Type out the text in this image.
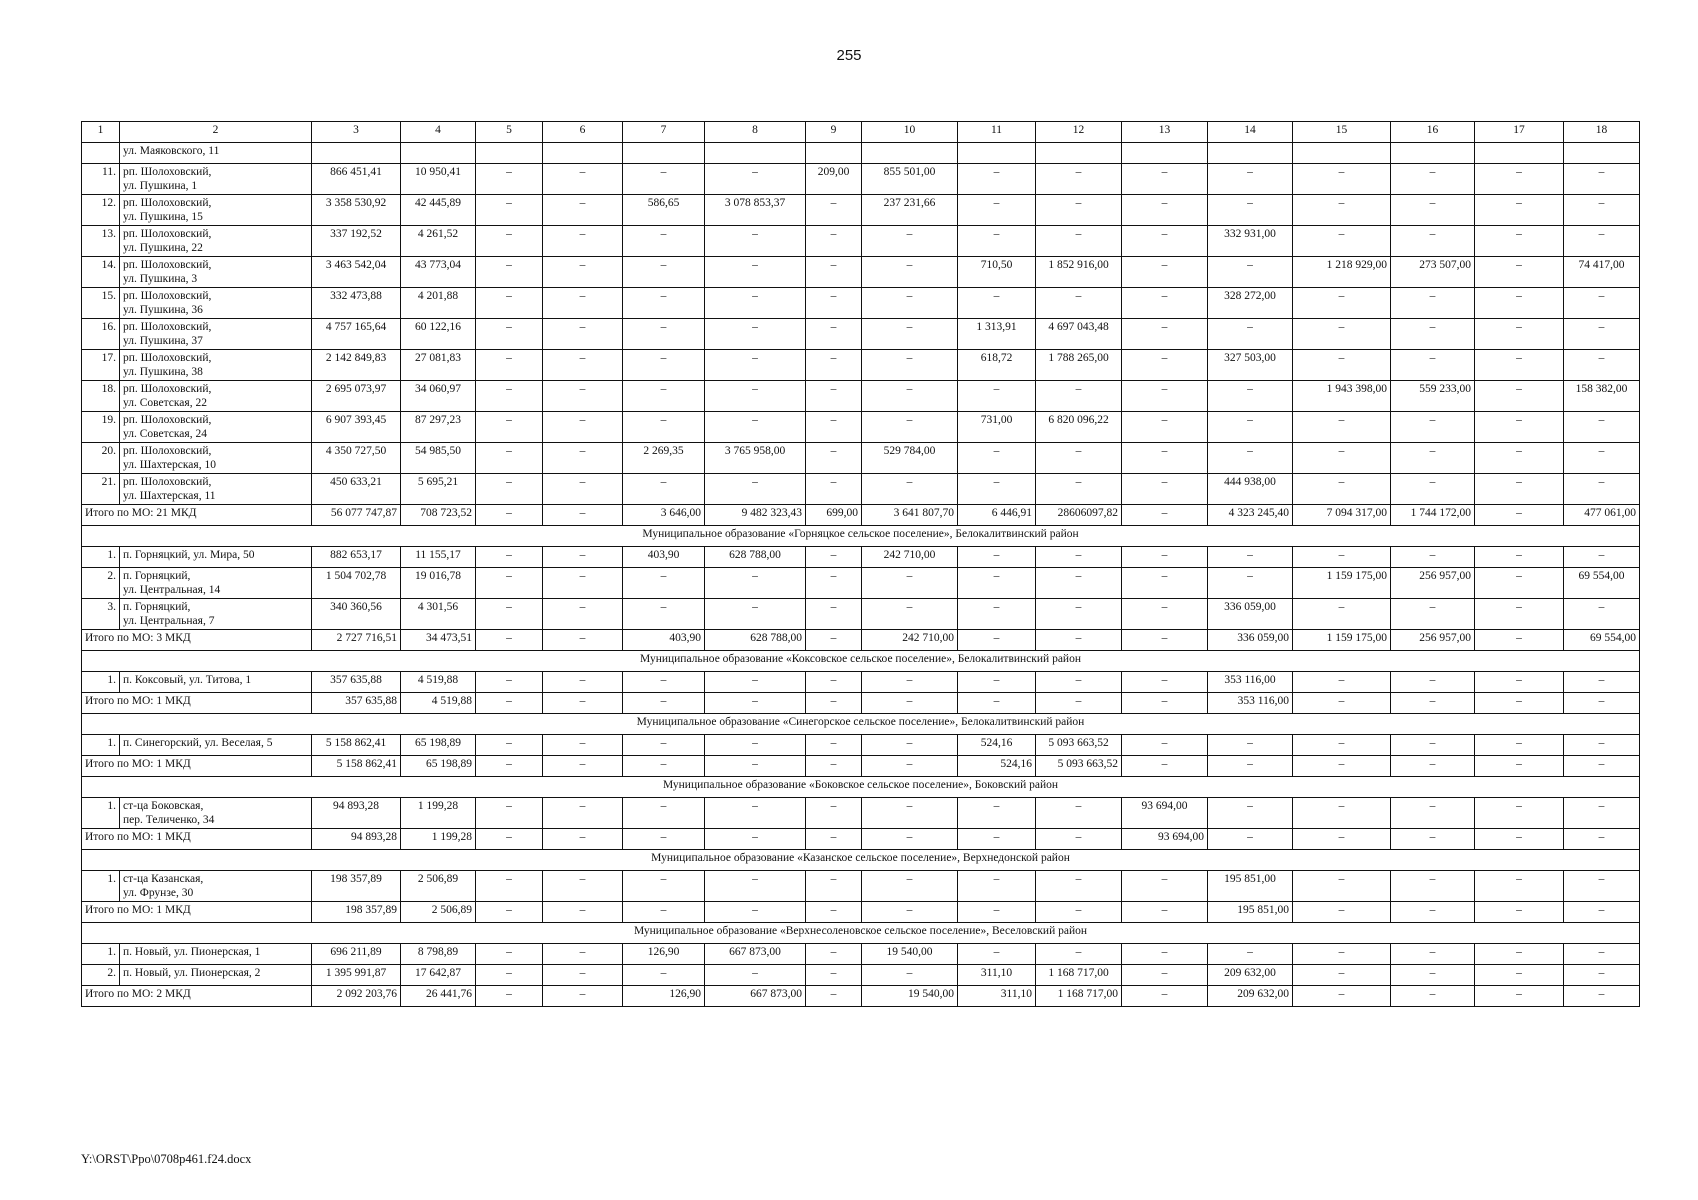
255
1	2	3	4	5	6	7	8	9	10	11	12	13	14	15	16	17	18

	ул. Маяковского, 11																

11.	рп. Шолоховский,
ул. Пушкина, 1	866 451,41	10 950,41	–	–	–	–	209,00	855 501,00	–	–	–	–	–	–	–	–
12.	рп. Шолоховский,
ул. Пушкина, 15	3 358 530,92	42 445,89	–	–	586,65	3 078 853,37	–	237 231,66	–	–	–	–	–	–	–	–
13.	рп. Шолоховский,
ул. Пушкина, 22	337 192,52	4 261,52	–	–	–	–	–	–	–	–	–	332 931,00	–	–	–	–
14.	рп. Шолоховский,
ул. Пушкина, 3	3 463 542,04	43 773,04	–	–	–	–	–	–	710,50	1 852 916,00	–	–	1 218 929,00	273 507,00	–	74 417,00
15.	рп. Шолоховский,
ул. Пушкина, 36	332 473,88	4 201,88	–	–	–	–	–	–	–	–	–	328 272,00	–	–	–	–
16.	рп. Шолоховский,
ул. Пушкина, 37	4 757 165,64	60 122,16	–	–	–	–	–	–	1 313,91	4 697 043,48	–	–	–	–	–	–
17.	рп. Шолоховский,
ул. Пушкина, 38	2 142 849,83	27 081,83	–	–	–	–	–	–	618,72	1 788 265,00	–	327 503,00	–	–	–	–
18.	рп. Шолоховский,
ул. Советская, 22	2 695 073,97	34 060,97	–	–	–	–	–	–	–	–	–	–	1 943 398,00	559 233,00	–	158 382,00
19.	рп. Шолоховский,
ул. Советская, 24	6 907 393,45	87 297,23	–	–	–	–	–	–	731,00	6 820 096,22	–	–	–	–	–	–
20.	рп. Шолоховский,
ул. Шахтерская, 10	4 350 727,50	54 985,50	–	–	2 269,35	3 765 958,00	–	529 784,00	–	–	–	–	–	–	–	–
21.	рп. Шолоховский,
ул. Шахтерская, 11	450 633,21	5 695,21	–	–	–	–	–	–	–	–	–	444 938,00	–	–	–	–
Итого по МО: 21 МКД		56 077 747,87	708 723,52	–	–	3 646,00	9 482 323,43	699,00	3 641 807,70	6 446,91	28606097,82	–	4 323 245,40	7 094 317,00	1 744 172,00	–	477 061,00
Муниципальное образование «Горняцкое сельское поселение», Белокалитвинский район																	
1.	п. Горняцкий, ул. Мира, 50	882 653,17	11 155,17	–	–	403,90	628 788,00	–	242 710,00	–	–	–	–	–	–	–	–
2.	п. Горняцкий,
ул. Центральная, 14	1 504 702,78	19 016,78	–	–	–	–	–	–	–	–	–	–	1 159 175,00	256 957,00	–	69 554,00
3.	п. Горняцкий,
ул. Центральная, 7	340 360,56	4 301,56	–	–	–	–	–	–	–	–	–	336 059,00	–	–	–	–
Итого по МО: 3 МКД		2 727 716,51	34 473,51	–	–	403,90	628 788,00	–	242 710,00	–	–	–	336 059,00	1 159 175,00	256 957,00	–	69 554,00
Муниципальное образование «Коксовское сельское поселение», Белокалитвинский район																	
1.	п. Коксовый, ул. Титова, 1	357 635,88	4 519,88	–	–	–	–	–	–	–	–	–	353 116,00	–	–	–	–
Итого по МО: 1 МКД		357 635,88	4 519,88	–	–	–	–	–	–	–	–	–	353 116,00	–	–	–	–
Муниципальное образование «Синегорское сельское поселение», Белокалитвинский район																	
1.	п. Синегорский, ул. Веселая, 5	5 158 862,41	65 198,89	–	–	–	–	–	–	524,16	5 093 663,52	–	–	–	–	–	–
Итого по МО: 1 МКД		5 158 862,41	65 198,89	–	–	–	–	–	–	524,16	5 093 663,52	–	–	–	–	–	–
Муниципальное образование «Боковское сельское поселение», Боковский район																	
1.	ст-ца Боковская,
пер. Теличенко, 34	94 893,28	1 199,28	–	–	–	–	–	–	–	–	93 694,00	–	–	–	–	–
Итого по МО: 1 МКД		94 893,28	1 199,28	–	–	–	–	–	–	–	–	93 694,00	–	–	–	–	–
Муниципальное образование «Казанское сельское поселение», Верхнедонской район																	
1.	ст-ца Казанская,
ул. Фрунзе, 30	198 357,89	2 506,89	–	–	–	–	–	–	–	–	–	195 851,00	–	–	–	–
Итого по МО: 1 МКД		198 357,89	2 506,89	–	–	–	–	–	–	–	–	–	195 851,00	–	–	–	–
Муниципальное образование «Верхнесоленовское сельское поселение», Веселовский район																	
1.	п. Новый, ул. Пионерская, 1	696 211,89	8 798,89	–	–	126,90	667 873,00	–	19 540,00	–	–	–	–	–	–	–	–
2.	п. Новый, ул. Пионерская, 2	1 395 991,87	17 642,87	–	–	–	–	–	–	311,10	1 168 717,00	–	209 632,00	–	–	–	–
Итого по МО: 2 МКД		2 092 203,76	26 441,76	–	–	126,90	667 873,00	–	19 540,00	311,10	1 168 717,00	–	209 632,00	–	–	–	–
Y:\ORST\Ppo\0708p461.f24.docx
